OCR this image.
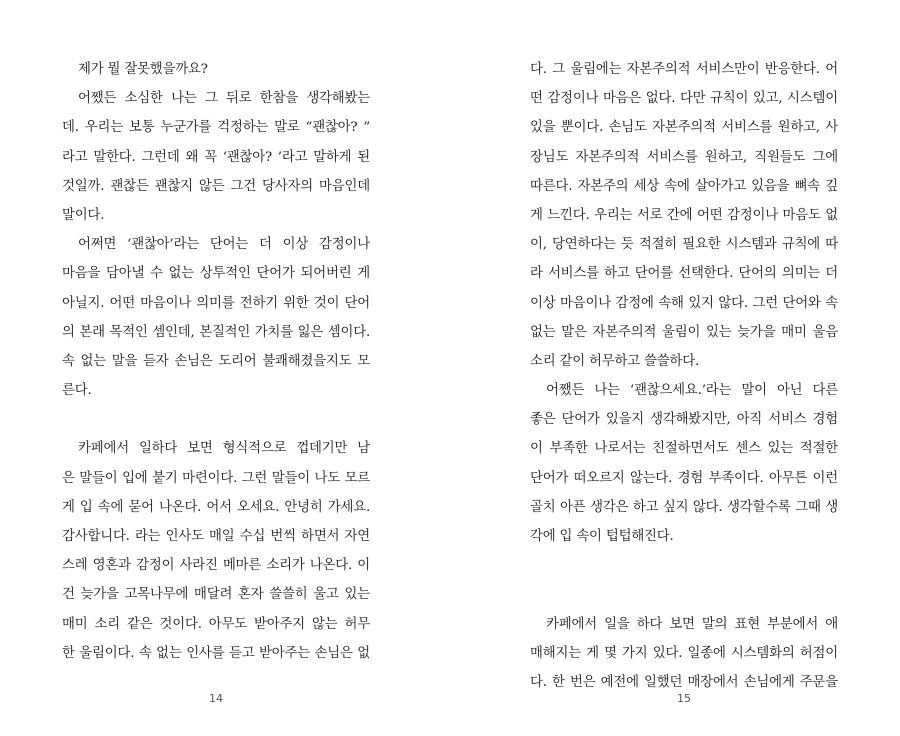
제가 뭘 잘못했을까요?
어쨌든 소심한 나는 그 뒤로 한참을 생각해봤는
데. 우리는 보통 누군가를 걱정하는 말로 “괜찮아? ”
라고 말한다. 그런데 왜 꼭 ‘괜찮아? ’라고 말하게 된
것일까. 괜찮든 괜찮지 않든 그건 당사자의 마음인데
말이다.
어쩌면 ‘괜찮아’라는 단어는 더 이상 감정이나
마음을 담아낼 수 없는 상투적인 단어가 되어버린 게
아닐지. 어떤 마음이나 의미를 전하기 위한 것이 단어
의 본래 목적인 셈인데, 본질적인 가치를 잃은 셈이다.
속 없는 말을 듣자 손님은 도리어 불쾌해졌을지도 모
른다.
카페에서 일하다 보면 형식적으로 껍데기만 남
은 말들이 입에 붙기 마련이다. 그런 말들이 나도 모르
게 입 속에 묻어 나온다. 어서 오세요. 안녕히 가세요.
감사합니다. 라는 인사도 매일 수십 번씩 하면서 자연
스레 영혼과 감정이 사라진 메마른 소리가 나온다. 이
건 늦가을 고목나무에 매달려 혼자 쓸쓸히 울고 있는
매미 소리 같은 것이다. 아무도 받아주지 않는 허무
한 울림이다. 속 없는 인사를 듣고 받아주는 손님은 없
14
다. 그 울림에는 자본주의적 서비스만이 반응한다. 어
떤 감정이나 마음은 없다. 다만 규칙이 있고, 시스템이
있을 뿐이다. 손님도 자본주의적 서비스를 원하고, 사
장님도 자본주의적 서비스를 원하고, 직원들도 그에
따른다. 자본주의 세상 속에 살아가고 있음을 뼈속 깊
게 느낀다. 우리는 서로 간에 어떤 감정이나 마음도 없
이, 당연하다는 듯 적절히 필요한 시스템과 규칙에 따
라 서비스를 하고 단어를 선택한다. 단어의 의미는 더
이상 마음이나 감정에 속해 있지 않다. 그런 단어와 속
없는 말은 자본주의적 울림이 있는 늦가을 매미 울음
소리 같이 허무하고 쓸쓸하다.
어쨌든 나는 ‘괜찮으세요.’라는 말이 아닌 다른
좋은 단어가 있을지 생각해봤지만, 아직 서비스 경험
이 부족한 나로서는 친절하면서도 센스 있는 적절한
단어가 떠오르지 않는다. 경험 부족이다. 아무튼 이런
골치 아픈 생각은 하고 싶지 않다. 생각할수록 그때 생
각에 입 속이 텁텁해진다.
카페에서 일을 하다 보면 말의 표현 부분에서 애
매해지는 게 몇 가지 있다. 일종에 시스템화의 허점이
다. 한 번은 예전에 일했던 매장에서 손님에게 주문을
15
